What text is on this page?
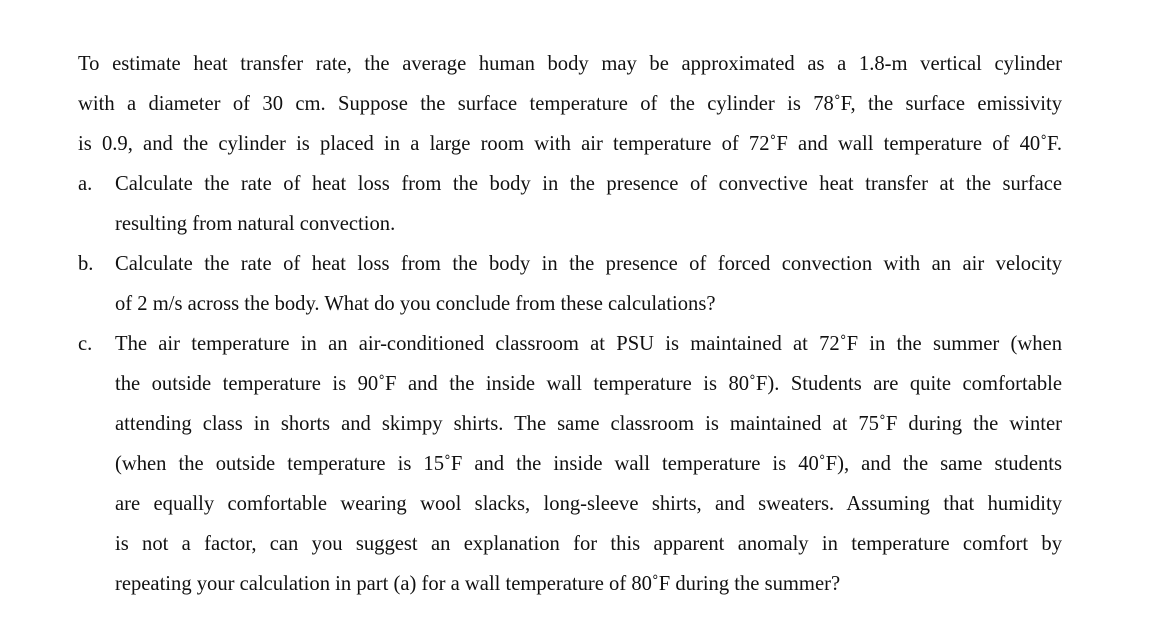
To estimate heat transfer rate, the average human body may be approximated as a 1.8-m vertical cylinder
with a diameter of 30 cm. Suppose the surface temperature of the cylinder is 78˚F, the surface emissivity
is 0.9, and the cylinder is placed in a large room with air temperature of 72˚F and wall temperature of 40˚F.
a. Calculate the rate of heat loss from the body in the presence of convective heat transfer at the surface
resulting from natural convection.
b. Calculate the rate of heat loss from the body in the presence of forced convection with an air velocity
of 2 m/s across the body. What do you conclude from these calculations?
c. The air temperature in an air-conditioned classroom at PSU is maintained at 72˚F in the summer (when
the outside temperature is 90˚F and the inside wall temperature is 80˚F). Students are quite comfortable
attending class in shorts and skimpy shirts. The same classroom is maintained at 75˚F during the winter
(when the outside temperature is 15˚F and the inside wall temperature is 40˚F), and the same students
are equally comfortable wearing wool slacks, long-sleeve shirts, and sweaters. Assuming that humidity
is not a factor, can you suggest an explanation for this apparent anomaly in temperature comfort by
repeating your calculation in part (a) for a wall temperature of 80˚F during the summer?
